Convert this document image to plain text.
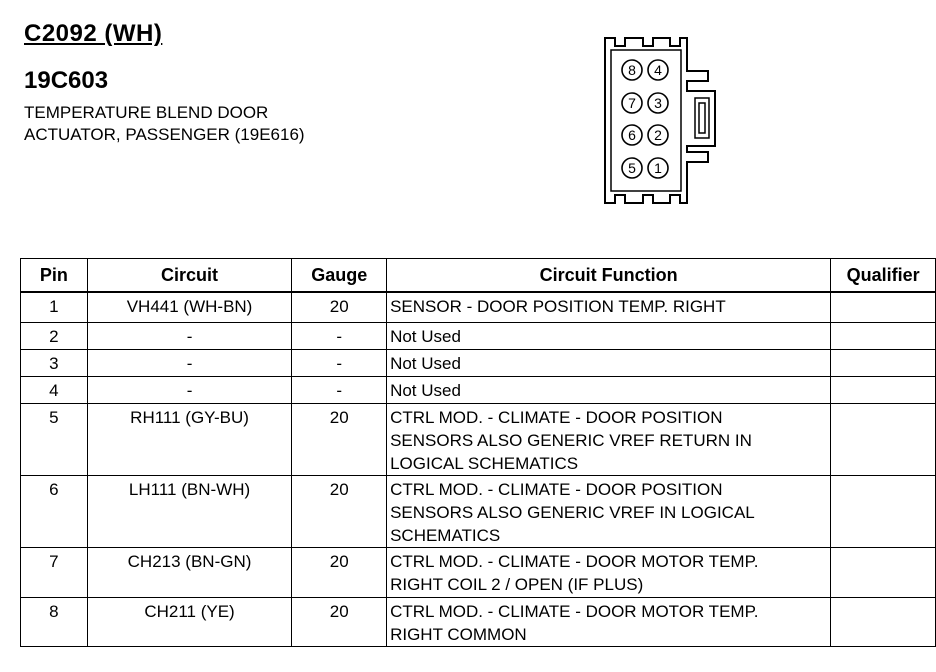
C2092 (WH)
19C603
TEMPERATURE BLEND DOOR
ACTUATOR, PASSENGER (19E616)
8 4
7 3
6 2
5 1
Pin	Circuit	Gauge	Circuit Function	Qualifier

1	VH441 (WH-BN)	20	SENSOR - DOOR POSITION TEMP. RIGHT	

2	-	-	Not Used	

3	-	-	Not Used	

4	-	-	Not Used	

5	RH111 (GY-BU)	20	CTRL MOD. - CLIMATE - DOOR POSITION
SENSORS ALSO GENERIC VREF RETURN IN
LOGICAL SCHEMATICS	

6	LH111 (BN-WH)	20	CTRL MOD. - CLIMATE - DOOR POSITION
SENSORS ALSO GENERIC VREF IN LOGICAL
SCHEMATICS	

7	CH213 (BN-GN)	20	CTRL MOD. - CLIMATE - DOOR MOTOR TEMP.
RIGHT COIL 2 / OPEN (IF PLUS)	

8	CH211 (YE)	20	CTRL MOD. - CLIMATE - DOOR MOTOR TEMP.
RIGHT COMMON	
